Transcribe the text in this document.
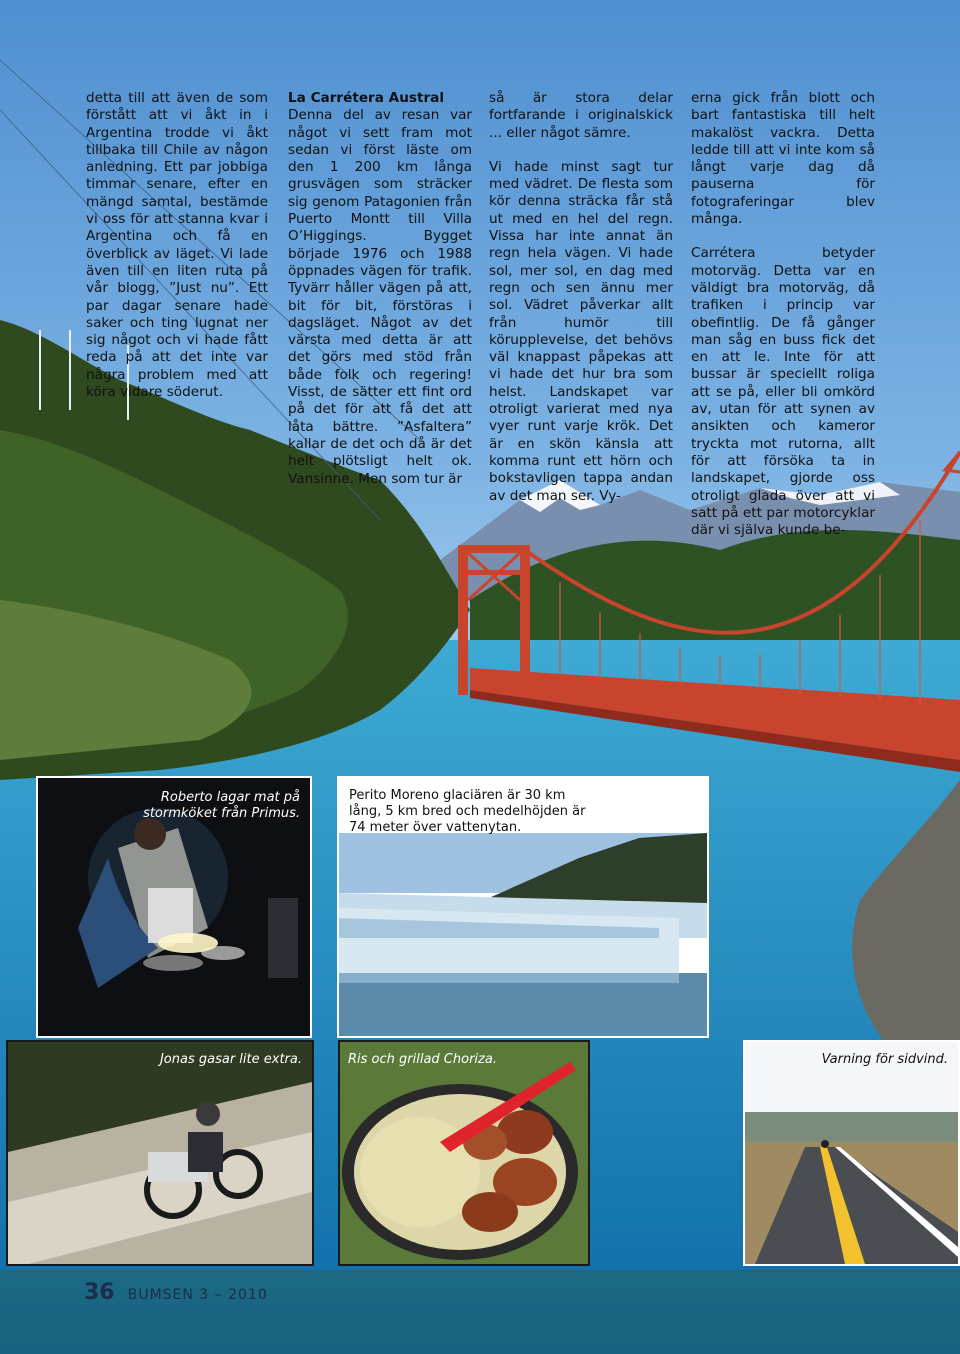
detta till att även de som förstått att vi åkt in i Argentina trodde vi åkt tillbaka till Chile av någon anledning. Ett par jobbiga timmar senare, efter en mängd samtal, bestämde vi oss för att stanna kvar i Argentina och få en överblick av läget. Vi lade även till en liten ruta på vår blogg, ”Just nu”. Ett par dagar senare hade saker och ting lugnat ner sig något och vi hade fått reda på att det inte var några problem med att köra vidare söderut.

La Carrétera Austral

Denna del av resan var något vi sett fram mot sedan vi först läste om den 1 200 km långa grusvägen som sträcker sig genom Patagonien från Puerto Montt till Villa O’Higgings. Bygget började 1976 och 1988 öppnades vägen för trafik. Tyvärr håller vägen på att, bit för bit, förstöras i dagsläget. Något av det värsta med detta är att det görs med stöd från både folk och regering! Visst, de sätter ett fint ord på det för att få det att låta bättre. ”Asfaltera” kallar de det och då är det helt plötsligt helt ok. Vansinne. Men som tur är

så är stora delar fortfarande i originalskick ... eller något sämre.

Vi hade minst sagt tur med vädret. De flesta som kör denna sträcka får stå ut med en hel del regn. Vissa har inte annat än regn hela vägen. Vi hade sol, mer sol, en dag med regn och sen ännu mer sol. Vädret påverkar allt från humör till körupplevelse, det behövs väl knappast påpekas att vi hade det hur bra som helst. Landskapet var otroligt varierat med nya vyer runt varje krök. Det är en skön känsla att komma runt ett hörn och bokstavligen tappa andan av det man ser. Vy-

erna gick från blott och bart fantastiska till helt makalöst vackra. Detta ledde till att vi inte kom så långt varje dag då pauserna för fotograferingar blev många.

Carrétera betyder motorväg. Detta var en väldigt bra motorväg, då trafiken i princip var obefintlig. De få gånger man såg en buss fick det en att le. Inte för att bussar är speciellt roliga att se på, eller bli omkörd av, utan för att synen av ansikten och kameror tryckta mot rutorna, allt för att försöka ta in landskapet, gjorde oss otroligt glada över att vi satt på ett par motorcyklar där vi själva kunde be-

Roberto lagar mat på stormköket från Primus.
Perito Moreno glaciären är 30 km lång, 5 km bred och medelhöjden är 74 meter över vattenytan.
Jonas gasar lite extra.	Ris och grillad Choriza.	Varning för sidvind.
36 BUMSEN 3 – 2010
